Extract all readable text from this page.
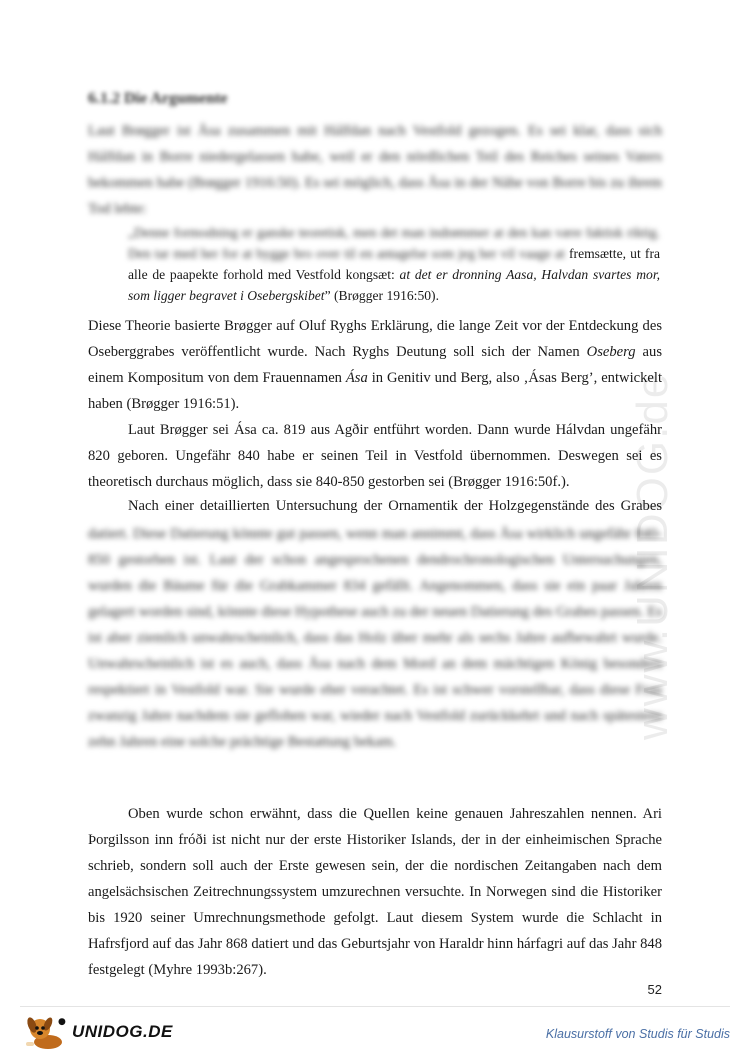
6.1.2 Die Argumente

Laut Brøgger ist Åsa zusammen mit Hálfdan nach Vestfold gezogen. Es sei klar, dass sich Hálfdan in Borre niedergelassen habe, weil er den nördlichen Teil des Reiches seines Vaters bekommen habe (Brøgger 1916:50). Es sei möglich, dass Åsa in der Nähe von Borre bis zu ihrem Tod lebte:

„Denne formodning er ganske teoretisk, men det man indrømmer at den kan være faktisk riktig. Den tar med her for at bygge bro over til en antagelse som jeg her vil vaage at fremsætte, ut fra alle de paapekte forhold med Vestfold kongsæt: at det er dronning Aasa, Halvdan svartes mor, som ligger begravet i Osebergskibet” (Brøgger 1916:50).

Diese Theorie basierte Brøgger auf Oluf Ryghs Erklärung, die lange Zeit vor der Entdeckung des Oseberggrabes veröffentlicht wurde. Nach Ryghs Deutung soll sich der Namen Oseberg aus einem Kompositum von dem Frauennamen Ása in Genitiv und Berg, also ‚Ásas Berg’, entwickelt haben (Brøgger 1916:51).

Laut Brøgger sei Ása ca. 819 aus Agðir entführt worden. Dann wurde Hálvdan ungefähr 820 geboren. Ungefähr 840 habe er seinen Teil in Vestfold übernommen. Deswegen sei es theoretisch durchaus möglich, dass sie 840-850 gestorben sei (Brøgger 1916:50f.).

Nach einer detaillierten Untersuchung der Ornamentik der Holzgegenstände des Grabes

datiert. Diese Datierung könnte gut passen, wenn man annimmt, dass Åsa wirklich ungefähr 840-850 gestorben ist. Laut der schon angesprochenen dendrochronologischen Untersuchungen, wurden die Bäume für die Grabkammer 834 gefällt. Angenommen, dass sie ein paar Jahren gelagert worden sind, könnte diese Hypothese auch zu der neuen Datierung des Grabes passen. Es ist aber ziemlich unwahrscheinlich, dass das Holz über mehr als sechs Jahre aufbewahrt wurde. Unwahrscheinlich ist es auch, dass Åsa nach dem Mord an dem mächtigen König besonders respektiert in Vestfold war. Sie wurde eher verachtet. Es ist schwer vorstellbar, dass diese Frau zwanzig Jahre nachdem sie geflohen war, wieder nach Vestfold zurückkehrt und nach spätestens zehn Jahren eine solche prächtige Bestattung bekam.

Oben wurde schon erwähnt, dass die Quellen keine genauen Jahreszahlen nennen. Ari Þorgilsson inn fróði ist nicht nur der erste Historiker Islands, der in der einheimischen Sprache schrieb, sondern soll auch der Erste gewesen sein, der die nordischen Zeitangaben nach dem angelsächsischen Zeitrechnungssystem umzurechnen versuchte. In Norwegen sind die Historiker bis 1920 seiner Umrechnungsmethode gefolgt. Laut diesem System wurde die Schlacht in Hafrsfjord auf das Jahr 868 datiert und das Geburtsjahr von Haraldr hinn hárfagri auf das Jahr 848 festgelegt (Myhre 1993b:267).

52
www.UNIDOG.de
● UNIDOG.DE	Klausurstoff von Studis für Studis
